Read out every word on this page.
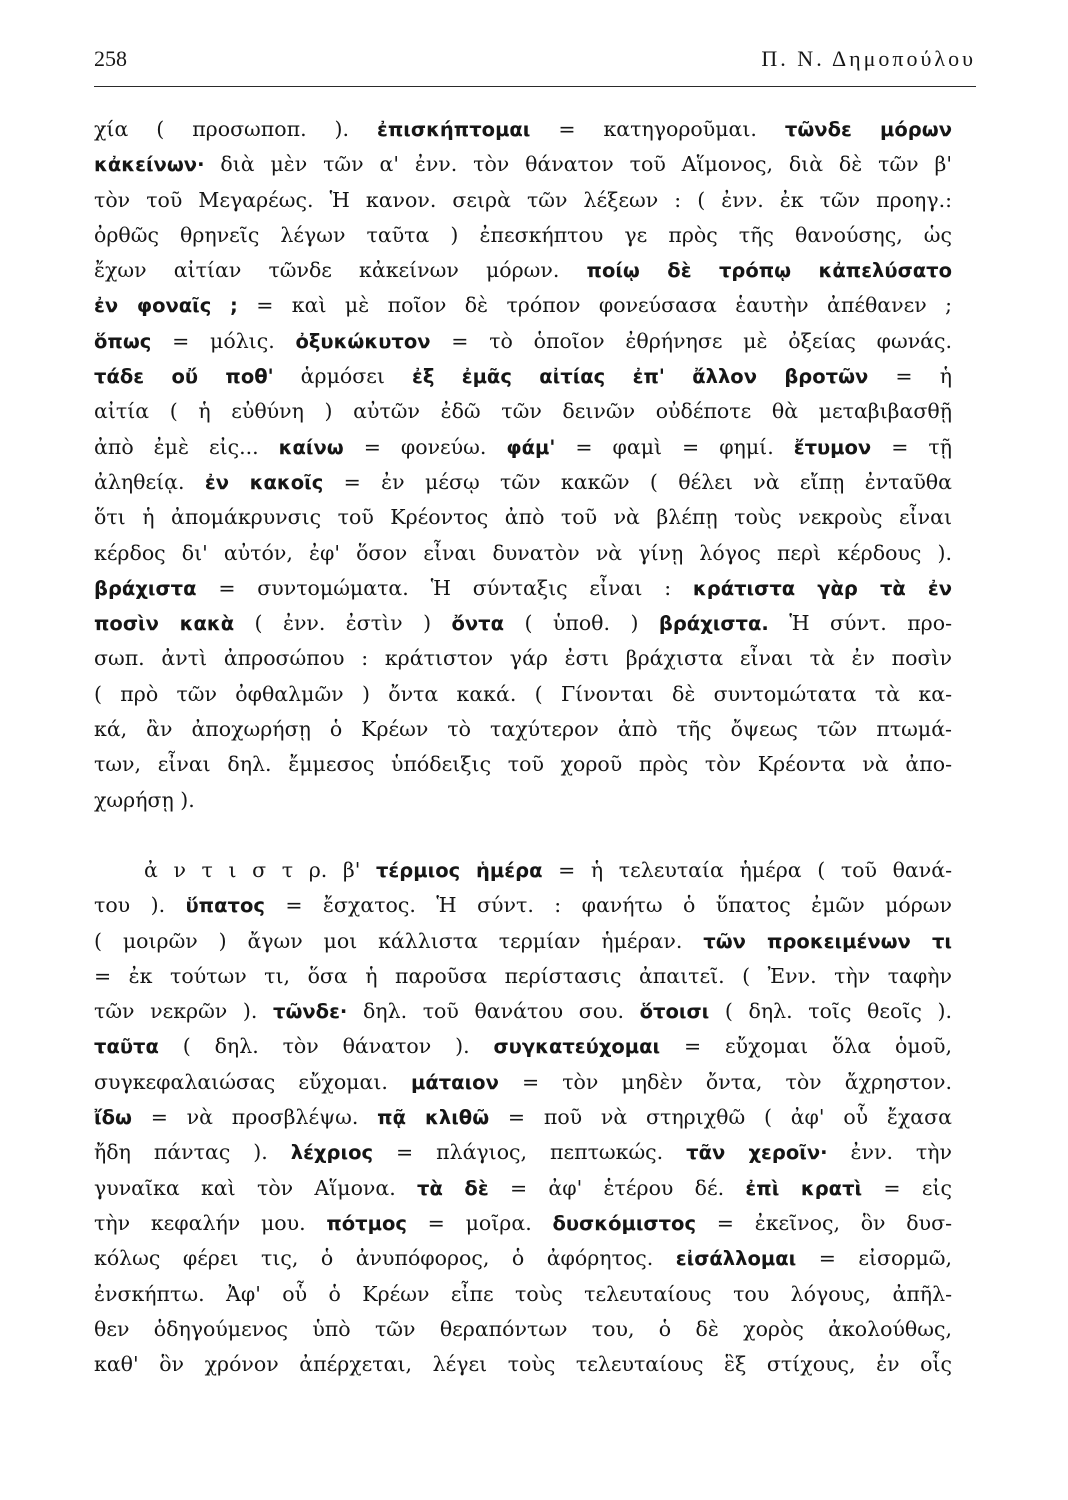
258	Π. Ν. Δημοπούλου
χία ( προσωποπ. ). ἐπισκήπτομαι = κατηγοροῦμαι. τῶνδε μόρων
κἀκείνων· διὰ μὲν τῶν α' ἐνν. τὸν θάνατον τοῦ Αἵμονος, διὰ δὲ τῶν β'
τὸν τοῦ Μεγαρέως. Ἡ κανον. σειρὰ τῶν λέξεων : ( ἐνν. ἐκ τῶν προηγ.:
ὀρθῶς θρηνεῖς λέγων ταῦτα ) ἐπεσκήπτου γε πρὸς τῆς θανούσης, ὡς
ἔχων αἰτίαν τῶνδε κἀκείνων μόρων. ποίῳ δὲ τρόπῳ κἀπελύσατο
ἐν φοναῖς ; = καὶ μὲ ποῖον δὲ τρόπον φονεύσασα ἑαυτὴν ἀπέθανεν ;
ὅπως = μόλις. ὀξυκώκυτον = τὸ ὁποῖον ἐθρήνησε μὲ ὀξείας φωνάς.
τάδε οὔ ποθ' ἁρμόσει ἐξ ἐμᾶς αἰτίας ἐπ' ἄλλον βροτῶν = ἡ
αἰτία ( ἡ εὐθύνη ) αὐτῶν ἐδῶ τῶν δεινῶν οὐδέποτε θὰ μεταβιβασθῇ
ἀπὸ ἐμὲ εἰς... καίνω = φονεύω. φάμ' = φαμὶ = φημί. ἔτυμον = τῇ
ἀληθείᾳ. ἐν κακοῖς = ἐν μέσῳ τῶν κακῶν ( θέλει νὰ εἴπῃ ἐνταῦθα
ὅτι ἡ ἀπομάκρυνσις τοῦ Κρέοντος ἀπὸ τοῦ νὰ βλέπῃ τοὺς νεκροὺς εἶναι
κέρδος δι' αὐτόν, ἐφ' ὅσον εἶναι δυνατὸν νὰ γίνῃ λόγος περὶ κέρδους ).
βράχιστα = συντομώματα. Ἡ σύνταξις εἶναι : κράτιστα γὰρ τὰ ἐν
ποσὶν κακὰ ( ἐνν. ἐστὶν ) ὄντα ( ὑποθ. ) βράχιστα. Ἡ σύντ. προ-
σωπ. ἀντὶ ἀπροσώπου : κράτιστον γάρ ἐστι βράχιστα εἶναι τὰ ἐν ποσὶν
( πρὸ τῶν ὀφθαλμῶν ) ὄντα κακά. ( Γίνονται δὲ συντομώτατα τὰ κα-
κά, ἂν ἀποχωρήσῃ ὁ Κρέων τὸ ταχύτερον ἀπὸ τῆς ὄψεως τῶν πτωμά-
των, εἶναι δηλ. ἔμμεσος ὑπόδειξις τοῦ χοροῦ πρὸς τὸν Κρέοντα νὰ ἀπο-
χωρήσῃ ).
ἀ ν τ ι σ τ ρ. β' τέρμιος ἡμέρα = ἡ τελευταία ἡμέρα ( τοῦ θανά-
του ). ὕπατος = ἔσχατος. Ἡ σύντ. : φανήτω ὁ ὕπατος ἐμῶν μόρων
( μοιρῶν ) ἄγων μοι κάλλιστα τερμίαν ἡμέραν. τῶν προκειμένων τι
= ἐκ τούτων τι, ὅσα ἡ παροῦσα περίστασις ἀπαιτεῖ. ( Ἐνν. τὴν ταφὴν
τῶν νεκρῶν ). τῶνδε· δηλ. τοῦ θανάτου σου. ὅτοισι ( δηλ. τοῖς θεοῖς ).
ταῦτα ( δηλ. τὸν θάνατον ). συγκατεύχομαι = εὔχομαι ὅλα ὁμοῦ,
συγκεφαλαιώσας εὔχομαι. μάταιον = τὸν μηδὲν ὄντα, τὸν ἄχρηστον.
ἴδω = νὰ προσβλέψω. πᾷ κλιθῶ = ποῦ νὰ στηριχθῶ ( ἀφ' οὗ ἔχασα
ἤδη πάντας ). λέχριος = πλάγιος, πεπτωκώς. τᾶν χεροῖν· ἐνν. τὴν
γυναῖκα καὶ τὸν Αἵμονα. τὰ δὲ = ἀφ' ἑτέρου δέ. ἐπὶ κρατὶ = εἰς
τὴν κεφαλήν μου. πότμος = μοῖρα. δυσκόμιστος = ἐκεῖνος, ὃν δυσ-
κόλως φέρει τις, ὁ ἀνυπόφορος, ὁ ἀφόρητος. εἰσάλλομαι = εἰσορμῶ,
ἐνσκήπτω. Ἀφ' οὗ ὁ Κρέων εἶπε τοὺς τελευταίους του λόγους, ἀπῆλ-
θεν ὁδηγούμενος ὑπὸ τῶν θεραπόντων του, ὁ δὲ χορὸς ἀκολούθως,
καθ' ὃν χρόνον ἀπέρχεται, λέγει τοὺς τελευταίους ἓξ στίχους, ἐν οἷς
